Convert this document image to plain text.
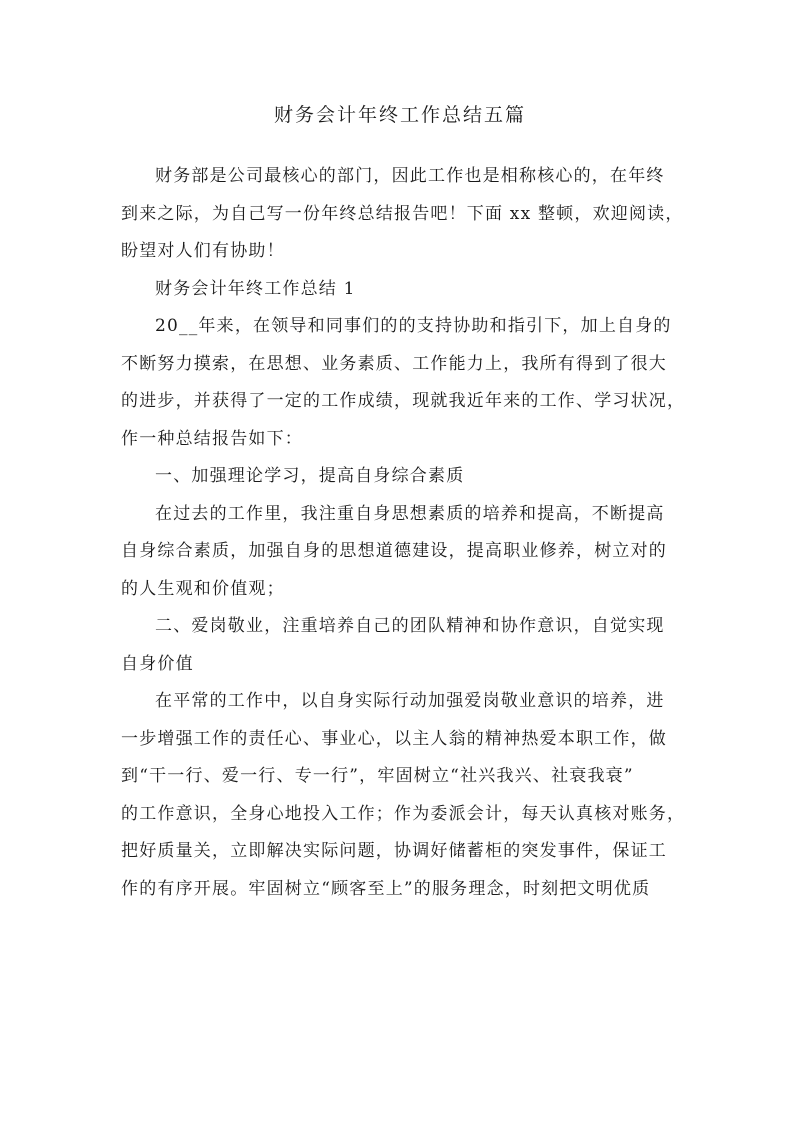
财务会计年终工作总结五篇

财务部是公司最核心的部门，因此工作也是相称核心的，在年终
到来之际，为自己写一份年终总结报告吧！下面 xx 整顿，欢迎阅读，
盼望对人们有协助！

财务会计年终工作总结 1

20__年来，在领导和同事们的的支持协助和指引下，加上自身的
不断努力摸索，在思想、业务素质、工作能力上，我所有得到了很大
的进步，并获得了一定的工作成绩，现就我近年来的工作、学习状况，
作一种总结报告如下：

一、加强理论学习，提高自身综合素质

在过去的工作里，我注重自身思想素质的培养和提高，不断提高
自身综合素质，加强自身的思想道德建设，提高职业修养，树立对的
的人生观和价值观；

二、爱岗敬业，注重培养自己的团队精神和协作意识，自觉实现
自身价值

在平常的工作中，以自身实际行动加强爱岗敬业意识的培养，进
一步增强工作的责任心、事业心，以主人翁的精神热爱本职工作，做
到“干一行、爱一行、专一行”，牢固树立“社兴我兴、社衰我衰”
的工作意识，全身心地投入工作；作为委派会计，每天认真核对账务，
把好质量关，立即解决实际问题，协调好储蓄柜的突发事件，保证工
作的有序开展。牢固树立“顾客至上”的服务理念，时刻把文明优质
